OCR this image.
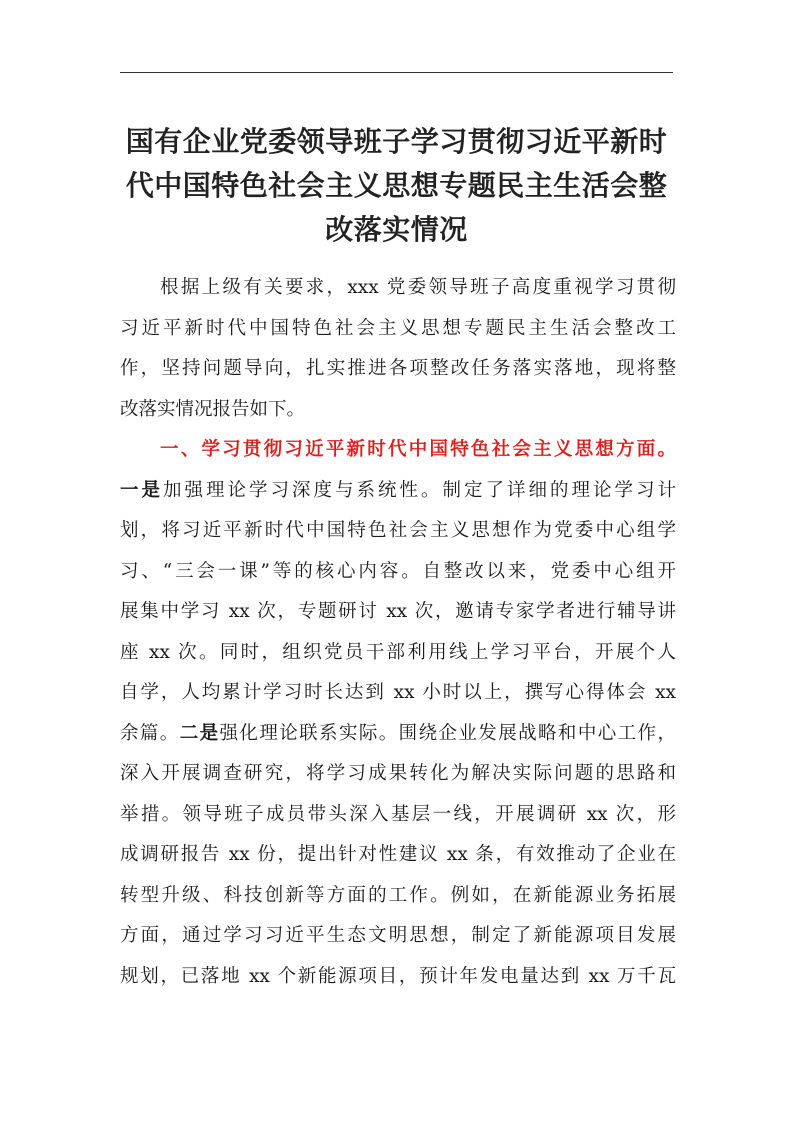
国有企业党委领导班子学习贯彻习近平新时
代中国特色社会主义思想专题民主生活会整
改落实情况
根据上级有关要求，xxx 党委领导班子高度重视学习贯彻
习近平新时代中国特色社会主义思想专题民主生活会整改工
作，坚持问题导向，扎实推进各项整改任务落实落地，现将整
改落实情况报告如下。
一、学习贯彻习近平新时代中国特色社会主义思想方面。
一是加强理论学习深度与系统性。制定了详细的理论学习计
划，将习近平新时代中国特色社会主义思想作为党委中心组学
习、“三会一课”等的核心内容。自整改以来，党委中心组开
展集中学习 xx 次，专题研讨 xx 次，邀请专家学者进行辅导讲
座 xx 次。同时，组织党员干部利用线上学习平台，开展个人
自学，人均累计学习时长达到 xx 小时以上，撰写心得体会 xx
余篇。二是强化理论联系实际。围绕企业发展战略和中心工作，
深入开展调查研究，将学习成果转化为解决实际问题的思路和
举措。领导班子成员带头深入基层一线，开展调研 xx 次，形
成调研报告 xx 份，提出针对性建议 xx 条，有效推动了企业在
转型升级、科技创新等方面的工作。例如，在新能源业务拓展
方面，通过学习习近平生态文明思想，制定了新能源项目发展
规划，已落地 xx 个新能源项目，预计年发电量达到 xx 万千瓦
